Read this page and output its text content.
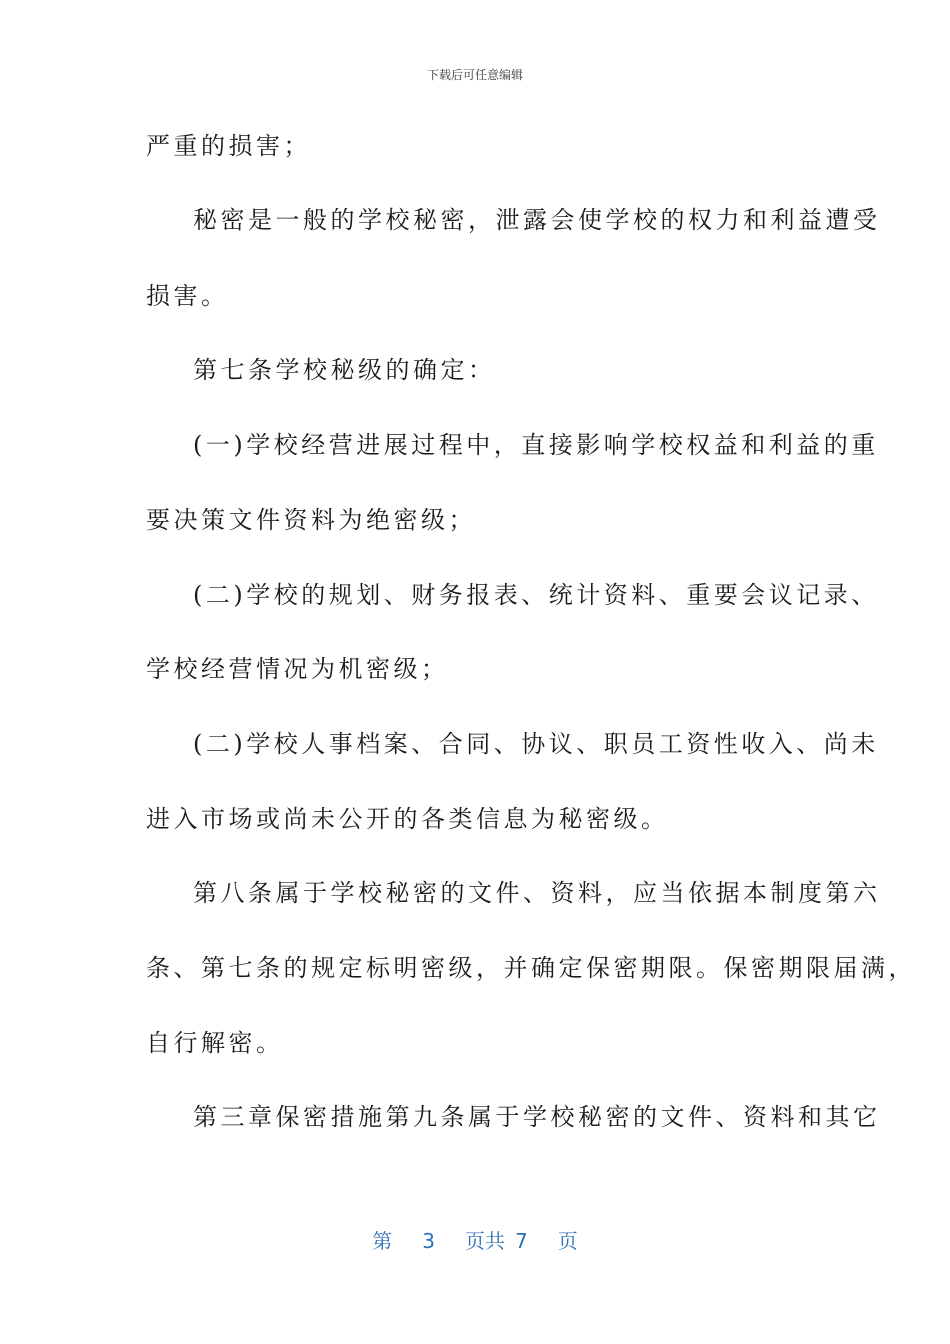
下载后可任意编辑
严重的损害；
秘密是一般的学校秘密，泄露会使学校的权力和利益遭受
损害。
第七条学校秘级的确定：
(一)学校经营进展过程中，直接影响学校权益和利益的重
要决策文件资料为绝密级；
(二)学校的规划、财务报表、统计资料、重要会议记录、
学校经营情况为机密级；
(二)学校人事档案、合同、协议、职员工资性收入、尚未
进入市场或尚未公开的各类信息为秘密级。
第八条属于学校秘密的文件、资料，应当依据本制度第六
条、第七条的规定标明密级，并确定保密期限。保密期限届满，
自行解密。
第三章保密措施第九条属于学校秘密的文件、资料和其它
第 3 页共 7 页
